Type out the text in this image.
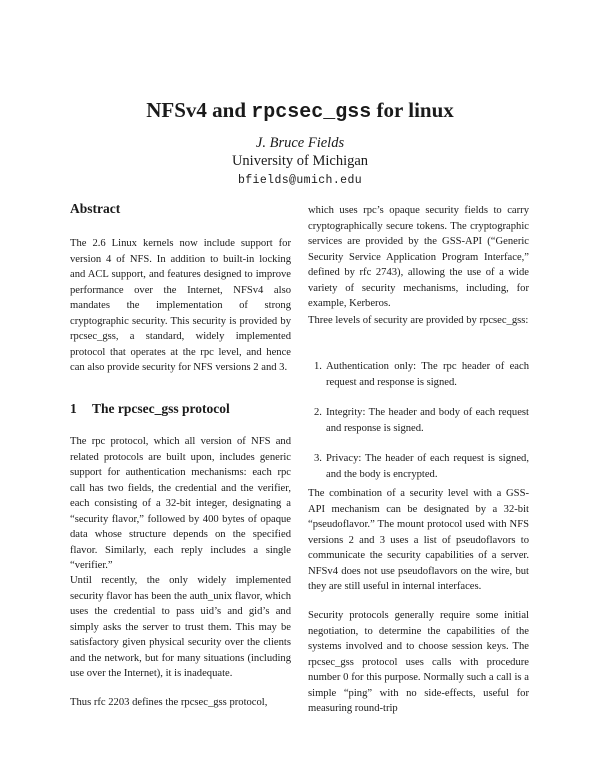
NFSv4 and rpcsec_gss for linux
J. Bruce Fields
University of Michigan
bfields@umich.edu
Abstract
The 2.6 Linux kernels now include support for version 4 of NFS. In addition to built-in locking and ACL support, and features designed to improve performance over the Internet, NFSv4 also mandates the implementation of strong cryptographic security. This security is provided by rpcsec_gss, a standard, widely implemented protocol that operates at the rpc level, and hence can also provide security for NFS versions 2 and 3.
1 The rpcsec_gss protocol
The rpc protocol, which all version of NFS and related protocols are built upon, includes generic support for authentication mechanisms: each rpc call has two fields, the credential and the verifier, each consisting of a 32-bit integer, designating a “security flavor,” followed by 400 bytes of opaque data whose structure depends on the specified flavor. Similarly, each reply includes a single “verifier.”
Until recently, the only widely implemented security flavor has been the auth_unix flavor, which uses the credential to pass uid’s and gid’s and simply asks the server to trust them. This may be satisfactory given physical security over the clients and the network, but for many situations (including use over the Internet), it is inadequate.
Thus rfc 2203 defines the rpcsec_gss protocol,
which uses rpc’s opaque security fields to carry cryptographically secure tokens. The cryptographic services are provided by the GSS-API (“Generic Security Service Application Program Interface,” defined by rfc 2743), allowing the use of a wide variety of security mechanisms, including, for example, Kerberos.
Three levels of security are provided by rpcsec_gss:
1. Authentication only: The rpc header of each request and response is signed.
2. Integrity: The header and body of each request and response is signed.
3. Privacy: The header of each request is signed, and the body is encrypted.
The combination of a security level with a GSS-API mechanism can be designated by a 32-bit “pseudoflavor.” The mount protocol used with NFS versions 2 and 3 uses a list of pseudoflavors to communicate the security capabilities of a server. NFSv4 does not use pseudoflavors on the wire, but they are still useful in internal interfaces.
Security protocols generally require some initial negotiation, to determine the capabilities of the systems involved and to choose session keys. The rpcsec_gss protocol uses calls with procedure number 0 for this purpose. Normally such a call is a simple “ping” with no side-effects, useful for measuring round-trip
